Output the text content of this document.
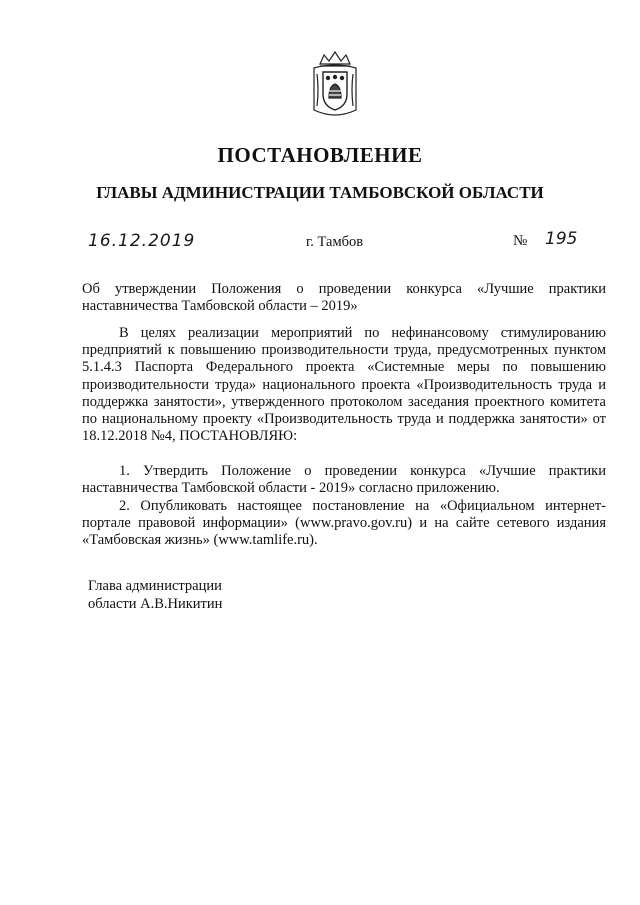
ПОСТАНОВЛЕНИЕ
ГЛАВЫ АДМИНИСТРАЦИИ ТАМБОВСКОЙ ОБЛАСТИ
16.12.2019	г. Тамбов	№ 195

Об утверждении Положения о проведении конкурса «Лучшие практики наставничества Тамбовской области – 2019»

В целях реализации мероприятий по нефинансовому стимулированию предприятий к повышению производительности труда, предусмотренных пунктом 5.1.4.3 Паспорта Федерального проекта «Системные меры по повышению производительности труда» национального проекта «Производительность труда и поддержка занятости», утвержденного протоколом заседания проектного комитета по национальному проекту «Производительность труда и поддержка занятости» от 18.12.2018 №4, ПОСТАНОВЛЯЮ:

1. Утвердить Положение о проведении конкурса «Лучшие практики наставничества Тамбовской области - 2019» согласно приложению.

2. Опубликовать настоящее постановление на «Официальном интернет-портале правовой информации» (www.pravo.gov.ru) и на сайте сетевого издания «Тамбовская жизнь» (www.tamlife.ru).

Глава администрации
области А.В.Никитин
